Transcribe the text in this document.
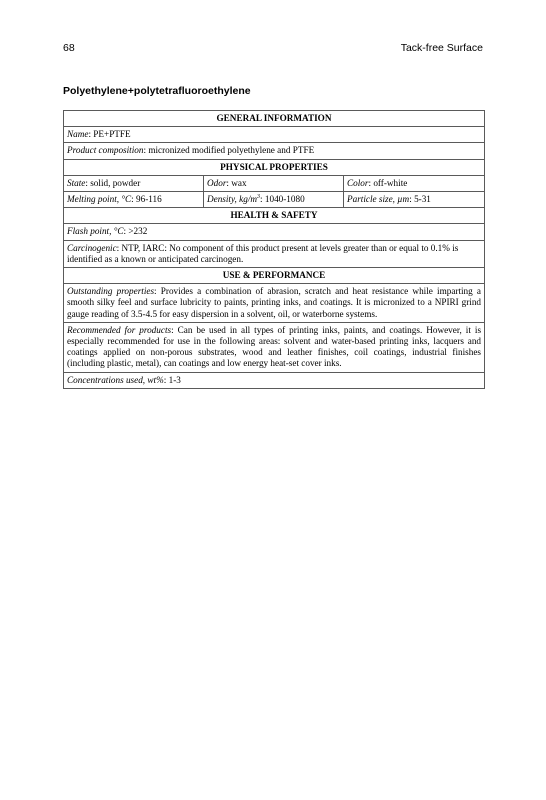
68	Tack-free Surface
Polyethylene+polytetrafluoroethylene
GENERAL INFORMATION		
Name: PE+PTFE		
Product composition: micronized modified polyethylene and PTFE		
PHYSICAL PROPERTIES		
State: solid, powder	Odor: wax	Color: off-white
Melting point, °C: 96-116	Density, $kg/m^3$: 1040-1080	Particle size, µm: 5-31
HEALTH & SAFETY		
Flash point, °C: >232		
Carcinogenic: NTP, IARC: No component of this product present at levels greater than or equal to 0.1% is identified as a known or anticipated carcinogen.		
USE & PERFORMANCE		
Outstanding properties: Provides a combination of abrasion, scratch and heat resistance while imparting a smooth silky feel and surface lubricity to paints, printing inks, and coatings. It is micronized to a NPIRI grind gauge reading of 3.5-4.5 for easy dispersion in a solvent, oil, or waterborne systems.		
Recommended for products: Can be used in all types of printing inks, paints, and coatings. However, it is especially recommended for use in the following areas: solvent and water-based printing inks, lacquers and coatings applied on non-porous substrates, wood and leather finishes, coil coatings, industrial finishes (including plastic, metal), can coatings and low energy heat-set cover inks.		
Concentrations used, wt%: 1-3		
